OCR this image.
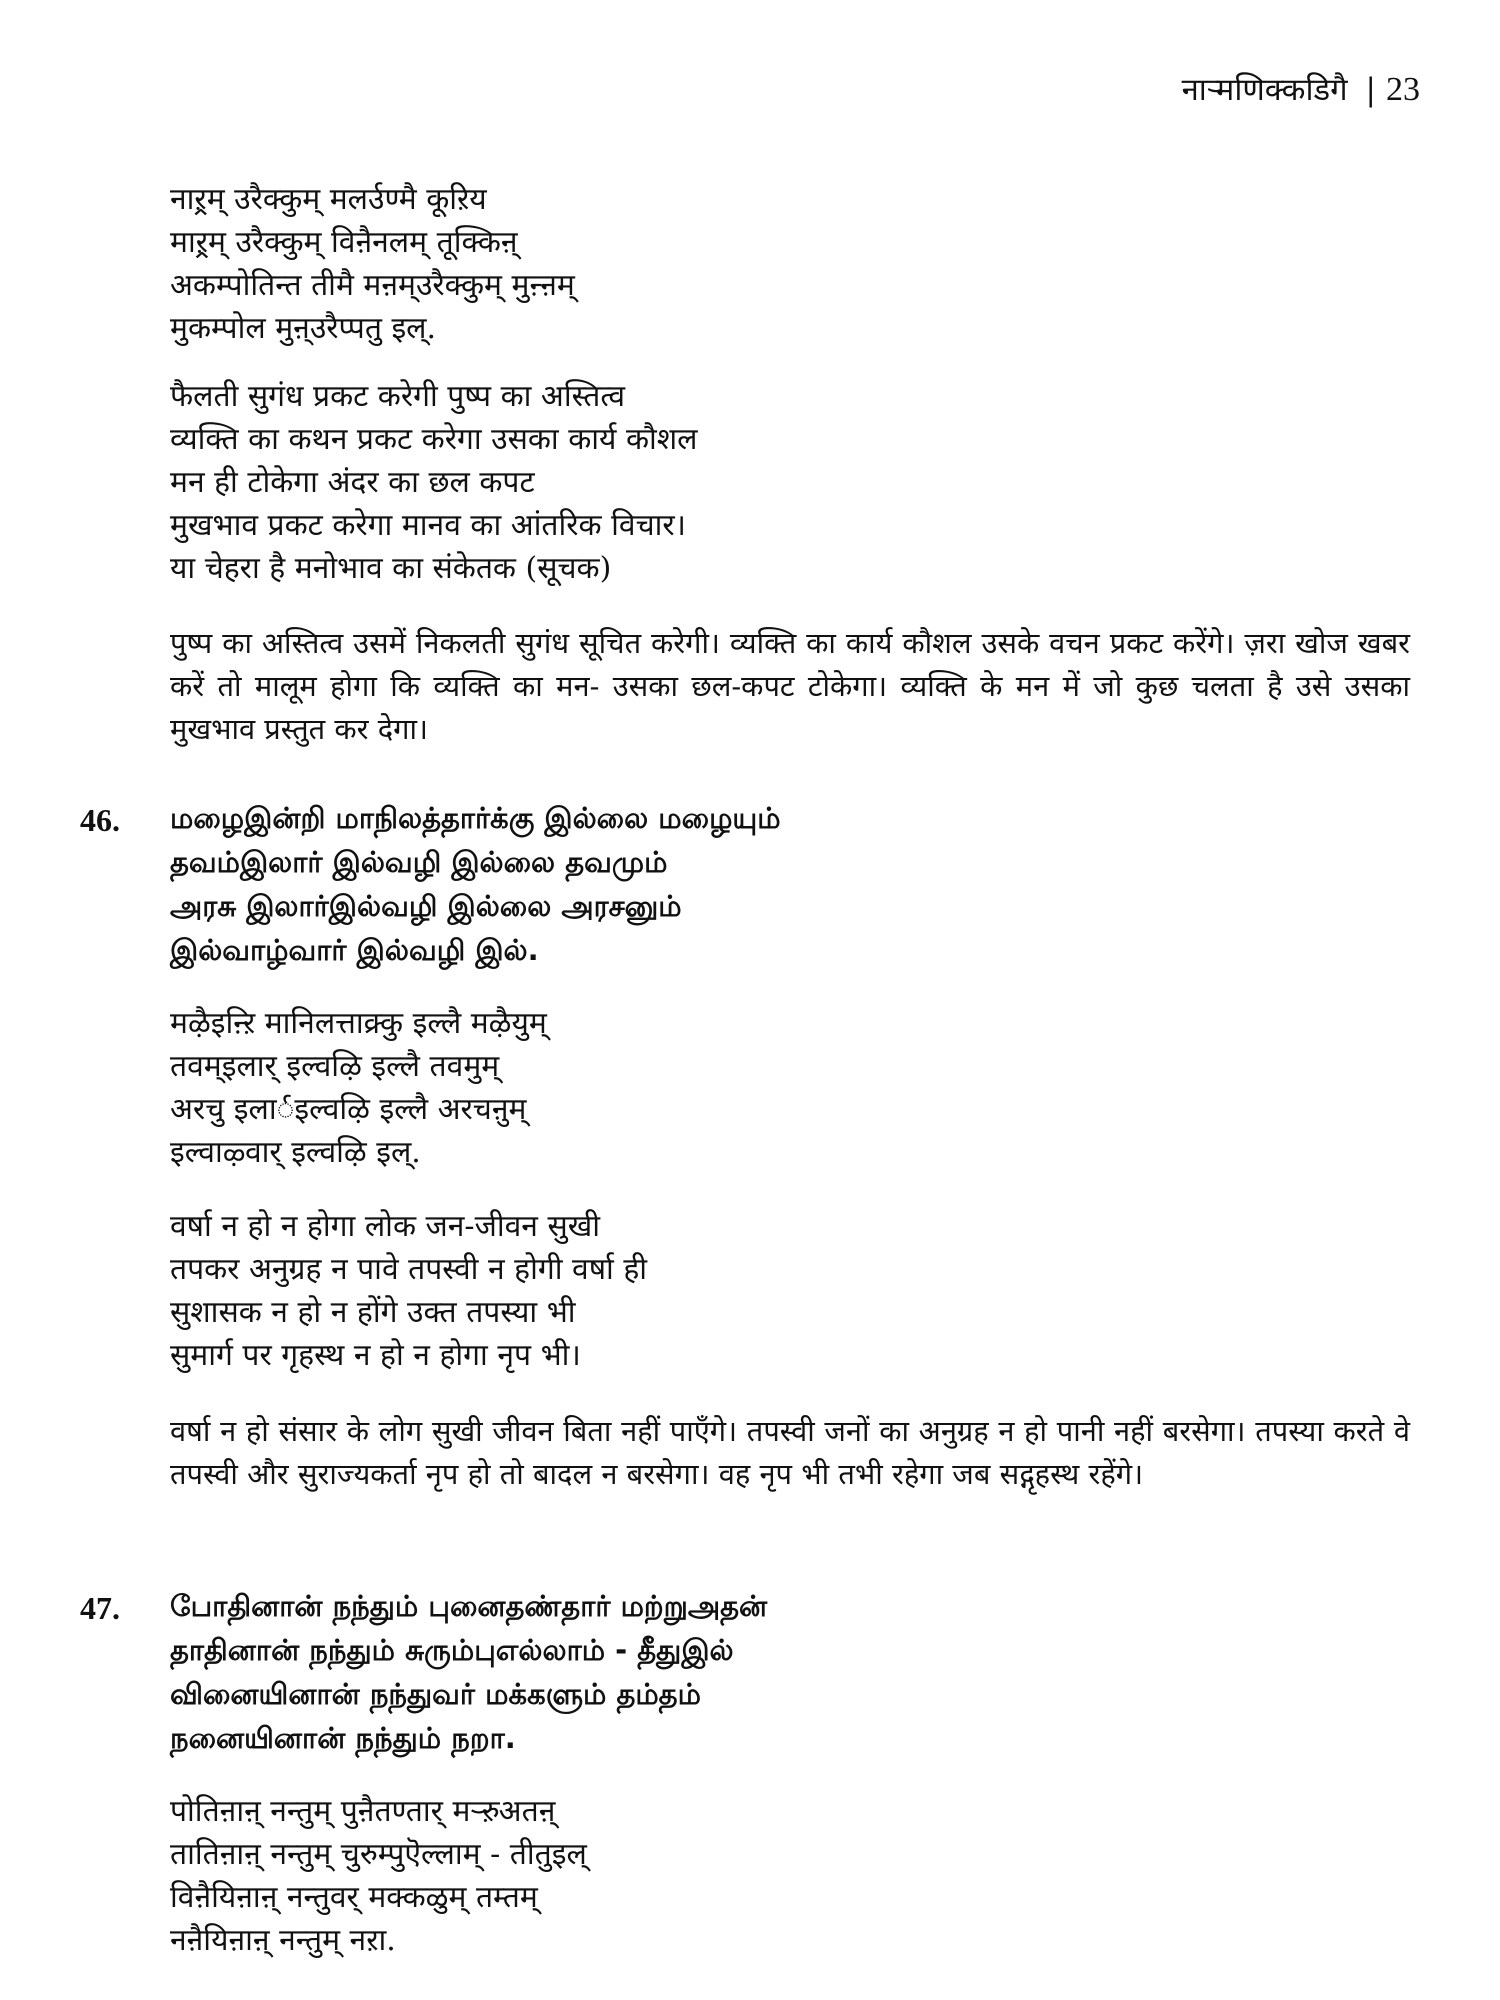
नाऱ्मणिक्कडिगै | 23
नाऱ्रम् उरैक्कुम् मलर्उण्मै कूऱिय
माऱ्रम् उरैक्कुम् विऩैनलम् तूक्किऩ्
अकम्पोतिन्त तीमै मऩम्उरैक्कुम् मुऩ्ऩम्
मुकम्पोल मुऩ्उरैप्पतु इल्.
फैलती सुगंध प्रकट करेगी पुष्प का अस्तित्व
व्यक्ति का कथन प्रकट करेगा उसका कार्य कौशल
मन ही टोकेगा अंदर का छल कपट
मुखभाव प्रकट करेगा मानव का आंतरिक विचार।
या चेहरा है मनोभाव का संकेतक (सूचक)
पुष्प का अस्तित्व उसमें निकलती सुगंध सूचित करेगी। व्यक्ति का कार्य कौशल उसके वचन प्रकट करेंगे। ज़रा खोज खबर करें तो मालूम होगा कि व्यक्ति का मन- उसका छल-कपट टोकेगा। व्यक्ति के मन में जो कुछ चलता है उसे उसका मुखभाव प्रस्तुत कर देगा।
46. மழைஇன்றி மாநிலத்தார்க்கு இல்லை மழையும்
தவம்இலார் இல்வழி இல்லை தவமும்
அரசு இலார்இல்வழி இல்லை அரசனும்
இல்வாழ்வார் இல்வழி இல்.
मऴैइऩ्ऱि मानिलत्ताक्र्कु इल्लै मऴैयुम्
तवम्इलार् इल्वऴि इल्लै तवमुम्
अरचु इलार्इल्वऴि इल्लै अरचऩुम्
इल्वाऴ्वार् इल्वऴि इल्.
वर्षा न हो न होगा लोक जन-जीवन सुखी
तपकर अनुग्रह न पावे तपस्वी न होगी वर्षा ही
सुशासक न हो न होंगे उक्त तपस्या भी
सुमार्ग पर गृहस्थ न हो न होगा नृप भी।
वर्षा न हो संसार के लोग सुखी जीवन बिता नहीं पाएँगे। तपस्वी जनों का अनुग्रह न हो पानी नहीं बरसेगा। तपस्या करते वे तपस्वी और सुराज्यकर्ता नृप हो तो बादल न बरसेगा। वह नृप भी तभी रहेगा जब सद्गृहस्थ रहेंगे।
47. போதினான் நந்தும் புனைதண்தார் மற்றுஅதன்
தாதினான் நந்தும் சுரும்புஎல்லாம் - தீதுஇல்
வினையினான் நந்துவர் மக்களும் தம்தம்
நனையினான் நந்தும் நறா.
पोतिऩाऩ् नन्तुम् पुऩैतण्तार् मऱ्ऱुअतऩ्
तातिऩाऩ् नन्तुम् चुरुम्पुऎल्लाम् - तीतुइल्
विऩैयिऩाऩ् नन्तुवर् मक्कळुम् तम्तम्
नऩैयिऩाऩ् नन्तुम् नऱा.
